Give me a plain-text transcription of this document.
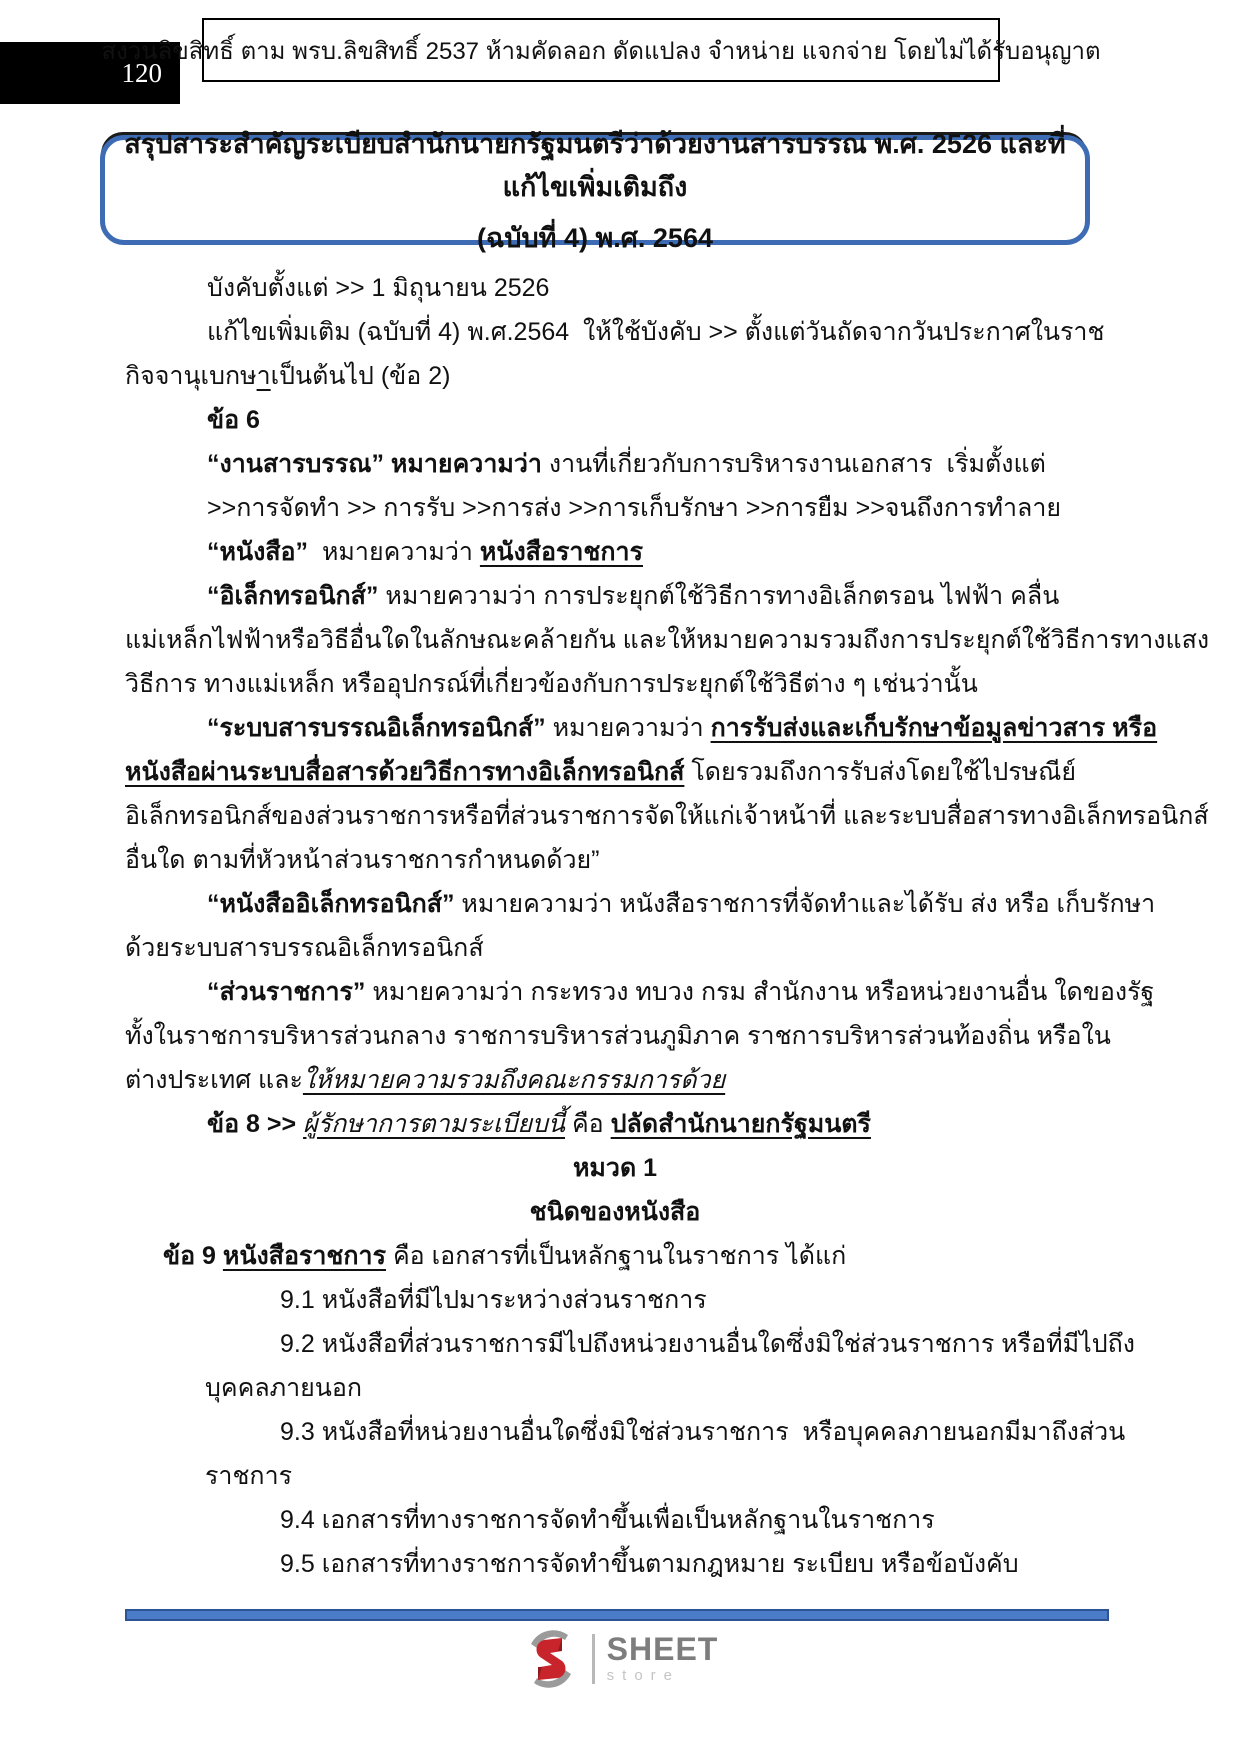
120
สงวนลิขสิทธิ์ ตาม พรบ.ลิขสิทธิ์ 2537 ห้ามคัดลอก ดัดแปลง จำหน่าย แจกจ่าย โดยไม่ได้รับอนุญาต
สรุปสาระสำคัญระเบียบสำนักนายกรัฐมนตรีว่าด้วยงานสารบรรณ พ.ศ. 2526 และที่แก้ไขเพิ่มเติมถึง
(ฉบับที่ 4) พ.ศ. 2564
บังคับตั้งแต่ >> 1 มิถุนายน 2526
แก้ไขเพิ่มเติม (ฉบับที่ 4) พ.ศ.2564  ให้ใช้บังคับ >> ตั้งแต่วันถัดจากวันประกาศในราช
กิจจานุเบกษาเป็นต้นไป (ข้อ 2)
ข้อ 6
“งานสารบรรณ” หมายความว่า งานที่เกี่ยวกับการบริหารงานเอกสาร  เริ่มตั้งแต่
>>การจัดทำ >> การรับ >>การส่ง >>การเก็บรักษา >>การยืม >>จนถึงการทำลาย
“หนังสือ”  หมายความว่า หนังสือราชการ
“อิเล็กทรอนิกส์” หมายความว่า การประยุกต์ใช้วิธีการทางอิเล็กตรอน ไฟฟ้า คลื่น
แม่เหล็กไฟฟ้าหรือวิธีอื่นใดในลักษณะคล้ายกัน และให้หมายความรวมถึงการประยุกต์ใช้วิธีการทางแสง
วิธีการ ทางแม่เหล็ก หรืออุปกรณ์ที่เกี่ยวข้องกับการประยุกต์ใช้วิธีต่าง ๆ เช่นว่านั้น
“ระบบสารบรรณอิเล็กทรอนิกส์” หมายความว่า การรับส่งและเก็บรักษาข้อมูลข่าวสาร หรือ
หนังสือผ่านระบบสื่อสารด้วยวิธีการทางอิเล็กทรอนิกส์ โดยรวมถึงการรับส่งโดยใช้ไปรษณีย์
อิเล็กทรอนิกส์ของส่วนราชการหรือที่ส่วนราชการจัดให้แก่เจ้าหน้าที่ และระบบสื่อสารทางอิเล็กทรอนิกส์
อื่นใด ตามที่หัวหน้าส่วนราชการกำหนดด้วย”
“หนังสืออิเล็กทรอนิกส์” หมายความว่า หนังสือราชการที่จัดทำและได้รับ ส่ง หรือ เก็บรักษา
ด้วยระบบสารบรรณอิเล็กทรอนิกส์
“ส่วนราชการ” หมายความว่า กระทรวง ทบวง กรม สำนักงาน หรือหน่วยงานอื่น ใดของรัฐ
ทั้งในราชการบริหารส่วนกลาง ราชการบริหารส่วนภูมิภาค ราชการบริหารส่วนท้องถิ่น หรือใน
ต่างประเทศ และให้หมายความรวมถึงคณะกรรมการด้วย
ข้อ 8 >> ผู้รักษาการตามระเบียบนี้ คือ ปลัดสำนักนายกรัฐมนตรี
หมวด 1
ชนิดของหนังสือ
ข้อ 9 หนังสือราชการ คือ เอกสารที่เป็นหลักฐานในราชการ ได้แก่
9.1 หนังสือที่มีไปมาระหว่างส่วนราชการ
9.2 หนังสือที่ส่วนราชการมีไปถึงหน่วยงานอื่นใดซึ่งมิใช่ส่วนราชการ หรือที่มีไปถึง
บุคคลภายนอก
9.3 หนังสือที่หน่วยงานอื่นใดซึ่งมิใช่ส่วนราชการ  หรือบุคคลภายนอกมีมาถึงส่วน
ราชการ
9.4 เอกสารที่ทางราชการจัดทำขึ้นเพื่อเป็นหลักฐานในราชการ
9.5 เอกสารที่ทางราชการจัดทำขึ้นตามกฎหมาย ระเบียบ หรือข้อบังคับ
SHEET
store
